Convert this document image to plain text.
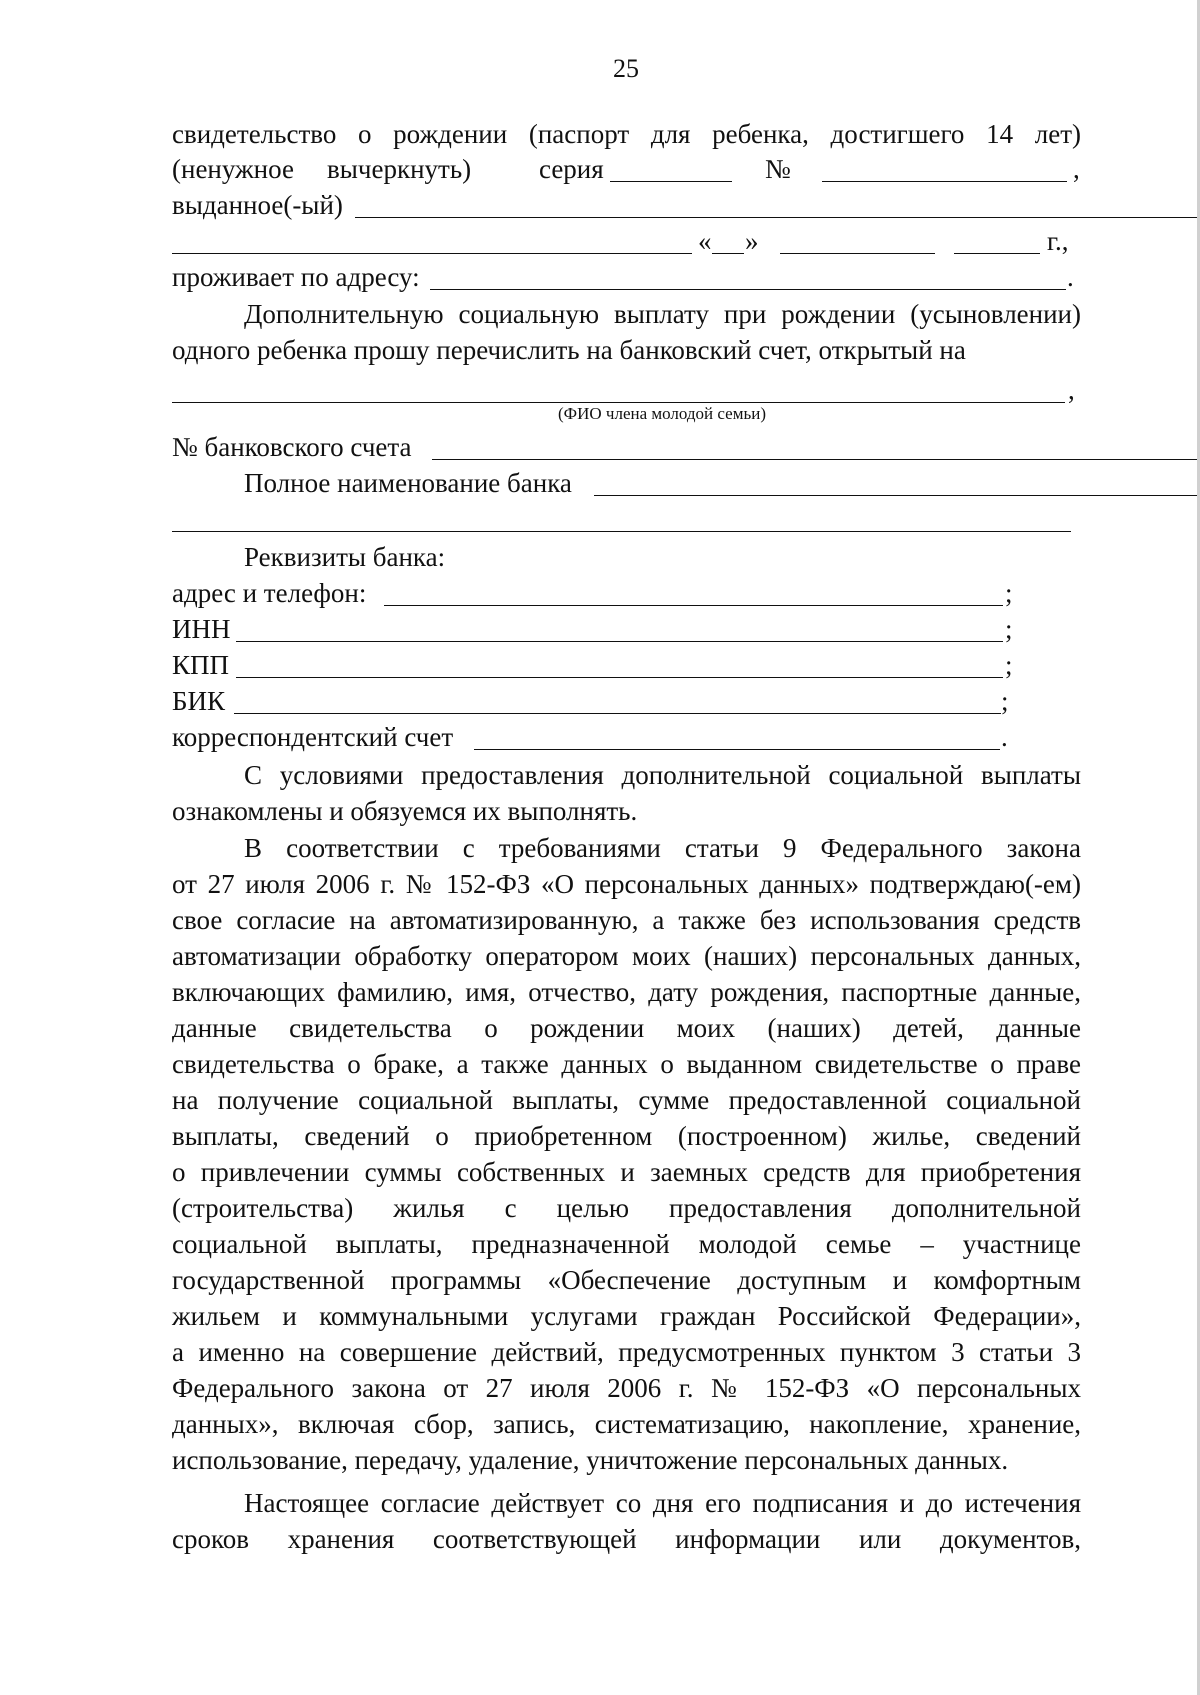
25
свидетельство о рождении (паспорт для ребенка, достигшего 14 лет)
(ненужное вычеркнуть)	серия	№	,
выданное(-ый)
« »	г.,
проживает по адресу:	.
Дополнительную социальную выплату при рождении (усыновлении)
одного ребенка прошу перечислить на банковский счет, открытый на
,
(ФИО члена молодой семьи)
№ банковского счета
Полное наименование банка
Реквизиты банка:
адрес и телефон:	;
ИНН	;
КПП	;
БИК	;
корреспондентский счет	.
С условиями предоставления дополнительной социальной выплаты
ознакомлены и обязуемся их выполнять.
В соответствии с требованиями статьи 9 Федерального закона
от 27 июля 2006 г. № 152-ФЗ «О персональных данных» подтверждаю(-ем)
свое согласие на автоматизированную, а также без использования средств
автоматизации обработку оператором моих (наших) персональных данных,
включающих фамилию, имя, отчество, дату рождения, паспортные данные,
данные свидетельства о рождении моих (наших) детей, данные
свидетельства о браке, а также данных о выданном свидетельстве о праве
на получение социальной выплаты, сумме предоставленной социальной
выплаты, сведений о приобретенном (построенном) жилье, сведений
о привлечении суммы собственных и заемных средств для приобретения
(строительства) жилья с целью предоставления дополнительной
социальной выплаты, предназначенной молодой семье – участнице
государственной программы «Обеспечение доступным и комфортным
жильем и коммунальными услугами граждан Российской Федерации»,
а именно на совершение действий, предусмотренных пунктом 3 статьи 3
Федерального закона от 27 июля 2006 г. № 152-ФЗ «О персональных
данных», включая сбор, запись, систематизацию, накопление, хранение,
использование, передачу, удаление, уничтожение персональных данных.
Настоящее согласие действует со дня его подписания и до истечения
сроков хранения соответствующей информации или документов,
